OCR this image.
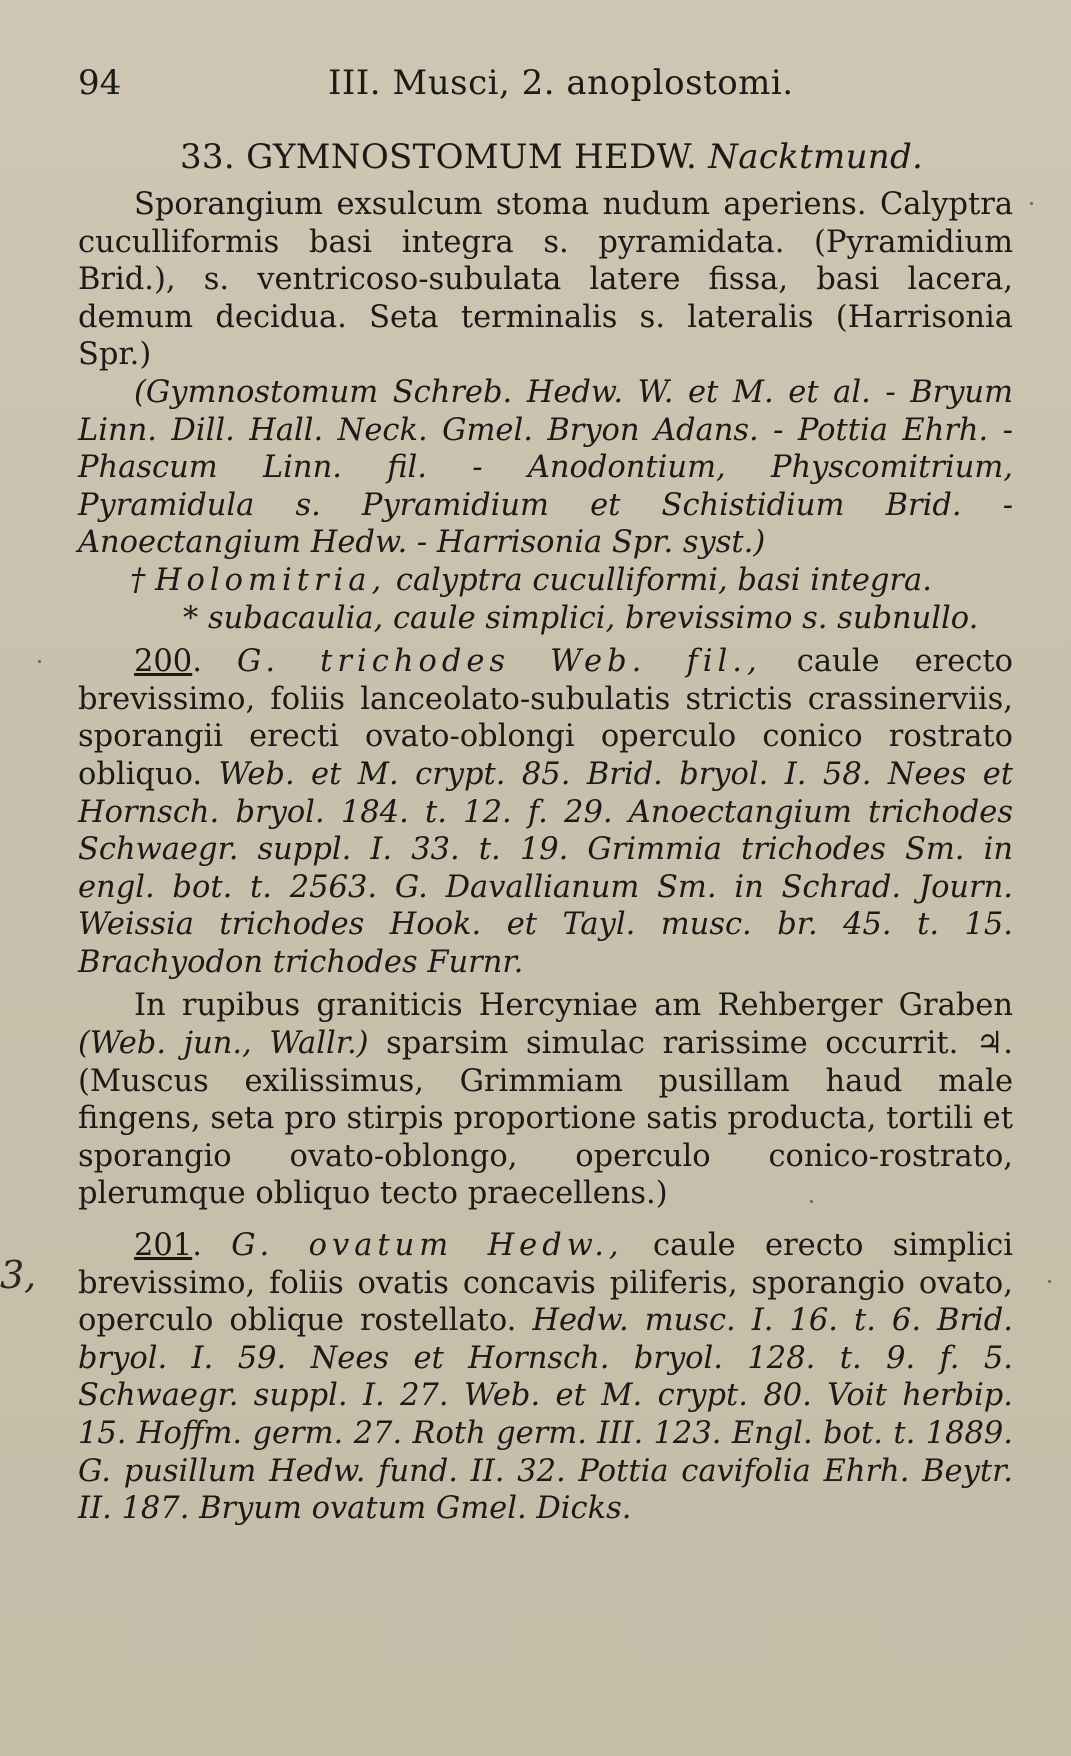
3,
94	III. Musci, 2. anoplostomi.
33. GYMNOSTOMUM HEDW. Nacktmund.

Sporangium exsulcum stoma nudum aperiens. Calyptra cuculliformis basi integra s. pyramidata. (Pyramidium Brid.), s. ventricoso-subulata latere fissa, basi lacera, demum decidua. Seta terminalis s. lateralis (Harrisonia Spr.)

(Gymnostomum Schreb. Hedw. W. et M. et al. - Bryum Linn. Dill. Hall. Neck. Gmel. Bryon Adans. - Pottia Ehrh. - Phascum Linn. fil. - Anodontium, Physcomitrium, Pyramidula s. Pyramidium et Schistidium Brid. - Anoectangium Hedw. - Harrisonia Spr. syst.)

† Holomitria, calyptra cuculliformi, basi integra.
* subacaulia, caule simplici, brevissimo s. subnullo.

200. G. trichodes Web. fil., caule erecto brevissimo, foliis lanceolato-subulatis strictis crassinerviis, sporangii erecti ovato-oblongi operculo conico rostrato obliquo. Web. et M. crypt. 85. Brid. bryol. I. 58. Nees et Hornsch. bryol. 184. t. 12. f. 29. Anoectangium trichodes Schwaegr. suppl. I. 33. t. 19. Grimmia trichodes Sm. in engl. bot. t. 2563. G. Davallianum Sm. in Schrad. Journ. Weissia trichodes Hook. et Tayl. musc. br. 45. t. 15. Brachyodon trichodes Furnr.

In rupibus graniticis Hercyniae am Rehberger Graben (Web. jun., Wallr.) sparsim simulac rarissime occurrit. ♃. (Muscus exilissimus, Grimmiam pusillam haud male fingens, seta pro stirpis proportione satis producta, tortili et sporangio ovato-oblongo, operculo conico-rostrato, plerumque obliquo tecto praecellens.)

201. G. ovatum Hedw., caule erecto simplici brevissimo, foliis ovatis concavis piliferis, sporangio ovato, operculo oblique rostellato. Hedw. musc. I. 16. t. 6. Brid. bryol. I. 59. Nees et Hornsch. bryol. 128. t. 9. f. 5. Schwaegr. suppl. I. 27. Web. et M. crypt. 80. Voit herbip. 15. Hoffm. germ. 27. Roth germ. III. 123. Engl. bot. t. 1889. G. pusillum Hedw. fund. II. 32. Pottia cavifolia Ehrh. Beytr. II. 187. Bryum ovatum Gmel. Dicks.
